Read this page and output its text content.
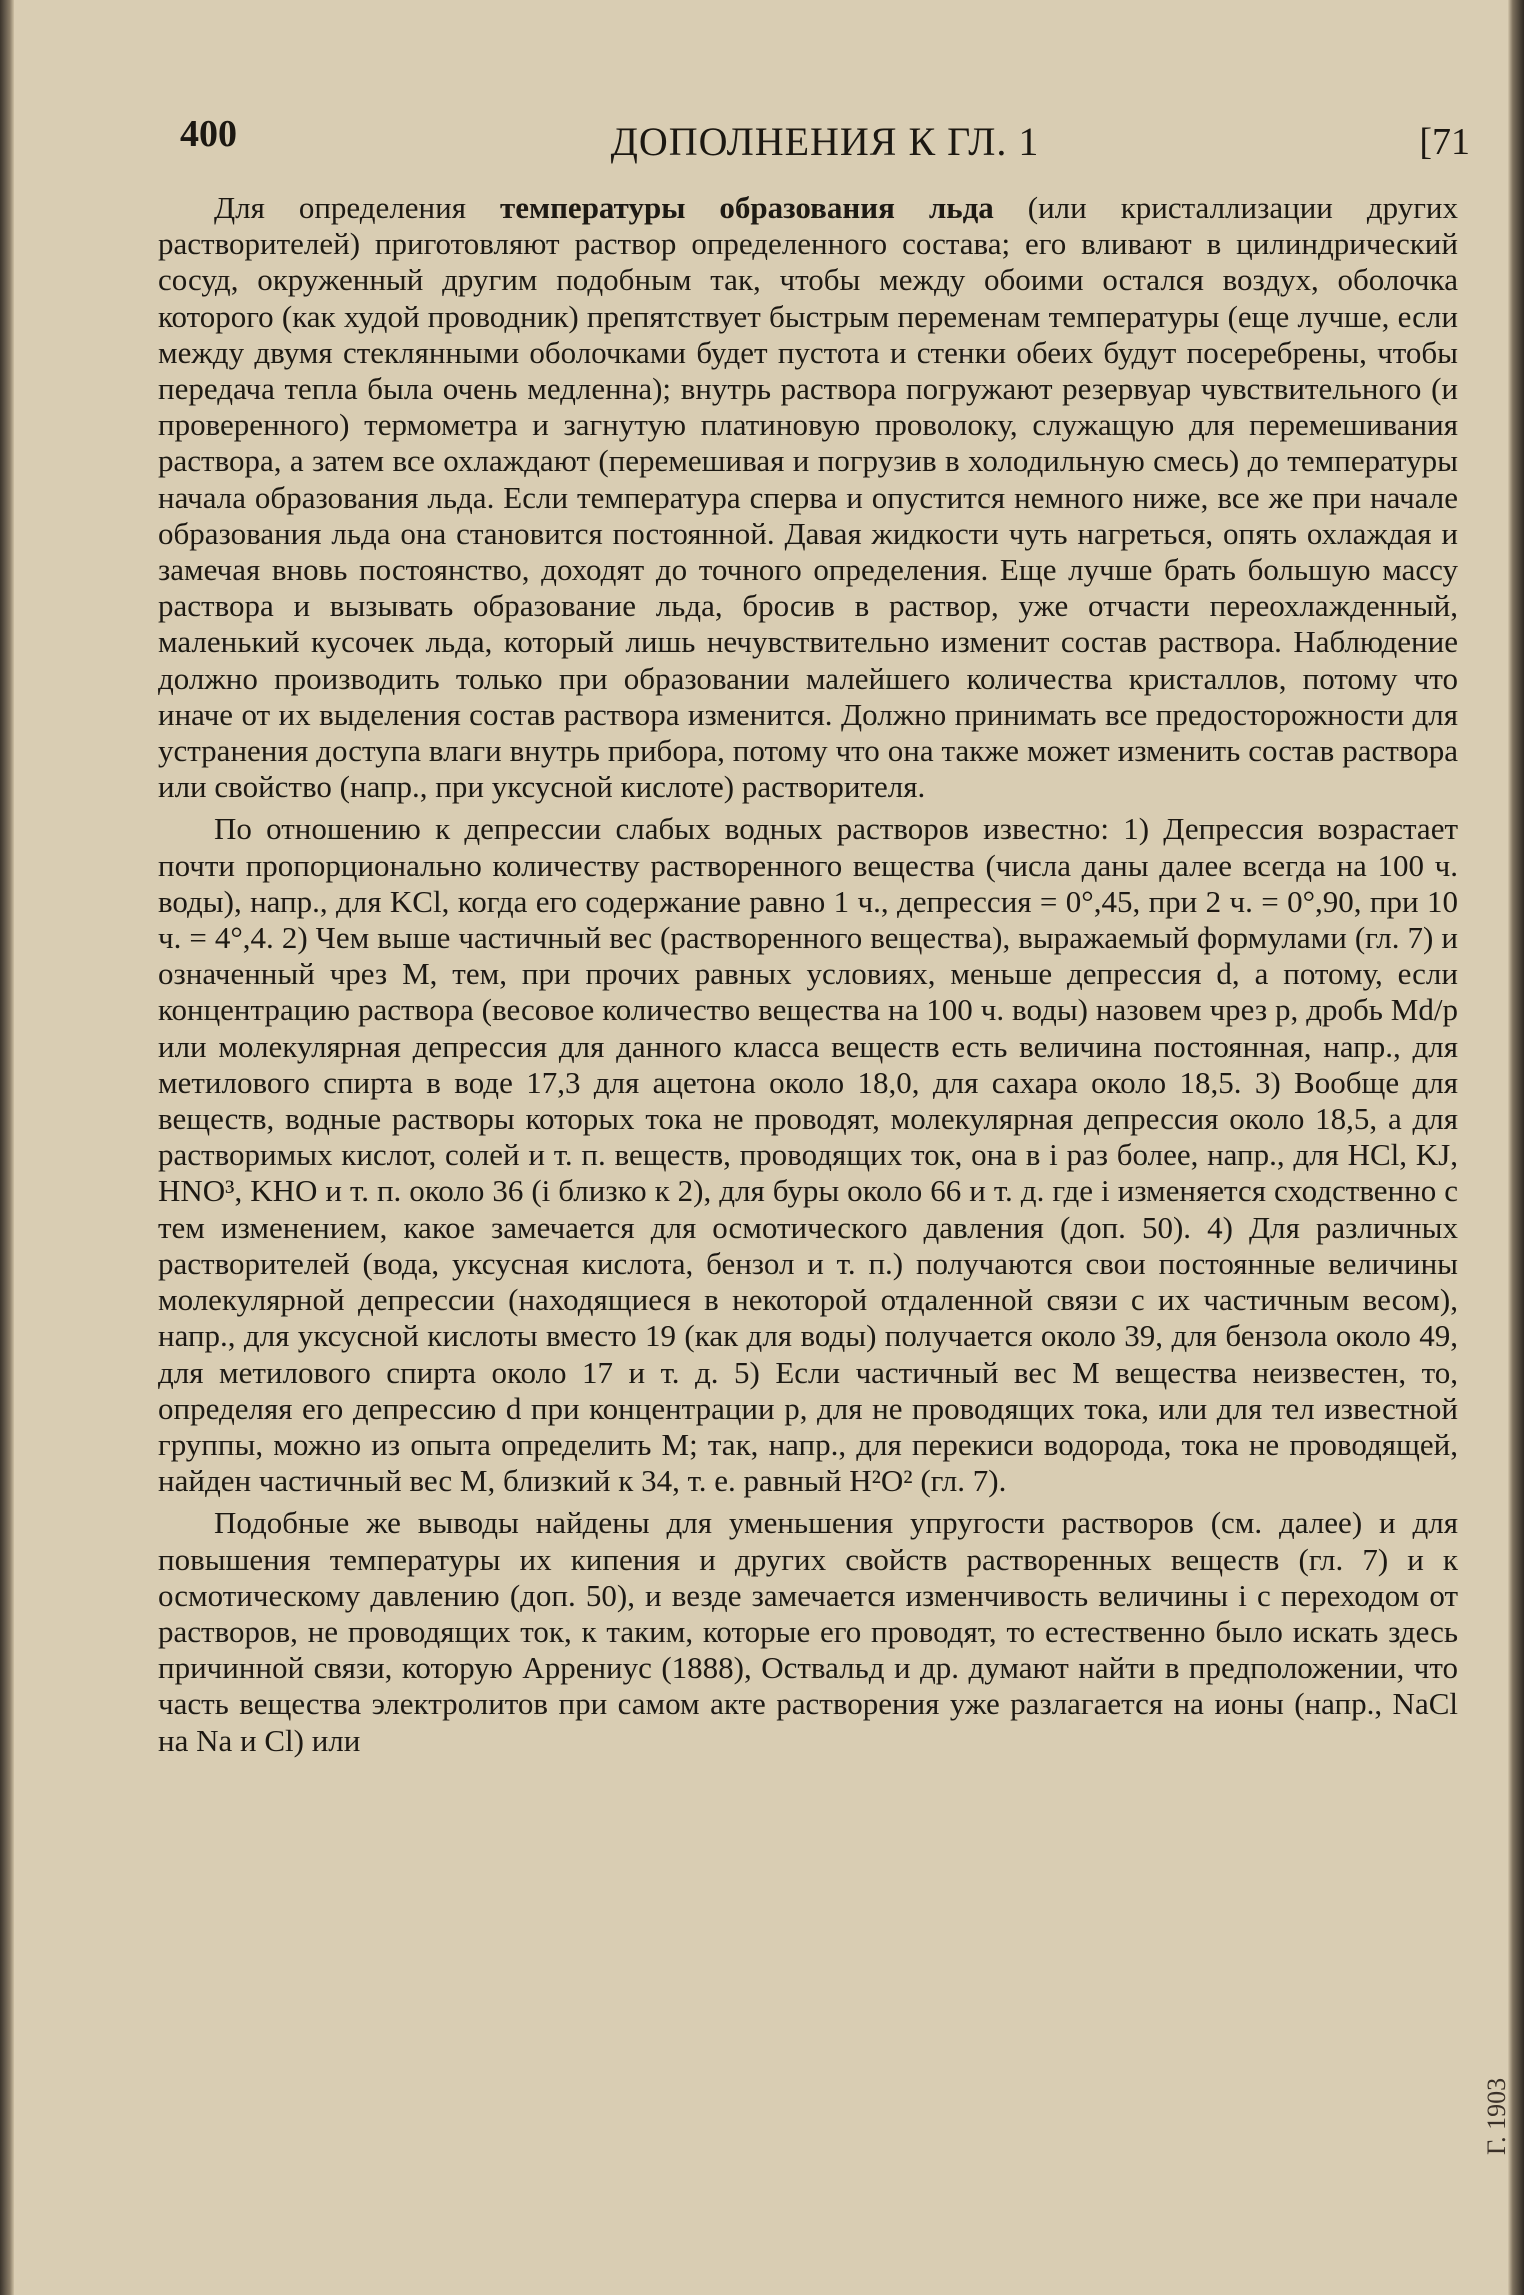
400	ДОПОЛНЕНИЯ К ГЛ. 1	[71

Для определения температуры образования льда (или кристаллизации других растворителей) приготовляют раствор определенного состава; его вливают в цилиндрический сосуд, окруженный другим подобным так, чтобы между обоими остался воздух, оболочка которого (как худой проводник) препятствует быстрым переменам температуры (еще лучше, если между двумя стеклянными оболочками будет пустота и стенки обеих будут посеребрены, чтобы передача тепла была очень медленна); внутрь раствора погружают резервуар чувствительного (и проверенного) термометра и загнутую платиновую проволоку, служащую для перемешивания раствора, а затем все охлаждают (перемешивая и погрузив в холодильную смесь) до температуры начала образования льда. Если температура сперва и опустится немного ниже, все же при начале образования льда она становится постоянной. Давая жидкости чуть нагреться, опять охлаждая и замечая вновь постоянство, доходят до точного определения. Еще лучше брать большую массу раствора и вызывать образование льда, бросив в раствор, уже отчасти переохлажденный, маленький кусочек льда, который лишь нечувствительно изменит состав раствора. Наблюдение должно производить только при образовании малейшего количества кристаллов, потому что иначе от их выделения состав раствора изменится. Должно принимать все предосторожности для устранения доступа влаги внутрь прибора, потому что она также может изменить состав раствора или свойство (напр., при уксусной кислоте) растворителя.

По отношению к депрессии слабых водных растворов известно: 1) Депрессия возрастает почти пропорционально количеству растворенного вещества (числа даны далее всегда на 100 ч. воды), напр., для KCl, когда его содержание равно 1 ч., депрессия = 0°,45, при 2 ч. = 0°,90, при 10 ч. = 4°,4. 2) Чем выше частичный вес (растворенного вещества), выражаемый формулами (гл. 7) и означенный чрез M, тем, при прочих равных условиях, меньше депрессия d, а потому, если концентрацию раствора (весовое количество вещества на 100 ч. воды) назовем чрез p, дробь Md/p или молекулярная депрессия для данного класса веществ есть величина постоянная, напр., для метилового спирта в воде 17,3 для ацетона около 18,0, для сахара около 18,5. 3) Вообще для веществ, водные растворы которых тока не проводят, молекулярная депрессия около 18,5, а для растворимых кислот, солей и т. п. веществ, проводящих ток, она в i раз более, напр., для HCl, KJ, HNO³, KHO и т. п. около 36 (i близко к 2), для буры около 66 и т. д. где i изменяется сходственно с тем изменением, какое замечается для осмотического давления (доп. 50). 4) Для различных растворителей (вода, уксусная кислота, бензол и т. п.) получаются свои постоянные величины молекулярной депрессии (находящиеся в некоторой отдаленной связи с их частичным весом), напр., для уксусной кислоты вместо 19 (как для воды) получается около 39, для бензола около 49, для метилового спирта около 17 и т. д. 5) Если частичный вес M вещества неизвестен, то, определяя его депрессию d при концентрации p, для не проводящих тока, или для тел известной группы, можно из опыта определить M; так, напр., для перекиси водорода, тока не проводящей, найден частичный вес M, близкий к 34, т. е. равный H²O² (гл. 7).

Подобные же выводы найдены для уменьшения упругости растворов (см. далее) и для повышения температуры их кипения и других свойств растворенных веществ (гл. 7) и к осмотическому давлению (доп. 50), и везде замечается изменчивость величины i с переходом от растворов, не проводящих ток, к таким, которые его проводят, то естественно было искать здесь причинной связи, которую Аррениус (1888), Оствальд и др. думают найти в предположении, что часть вещества электролитов при самом акте растворения уже разлагается на ионы (напр., NaCl на Na и Cl) или

Г. 1903
